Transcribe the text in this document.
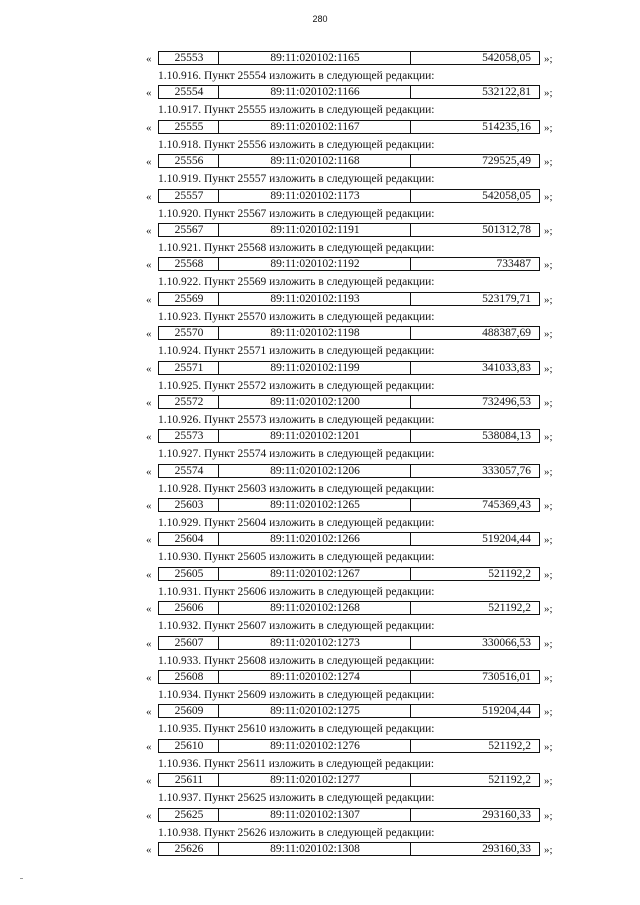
280
«	25553	89:11:020102:1165	542058,05	»;
1.10.916. Пункт 25554 изложить в следующей редакции:
«	25554	89:11:020102:1166	532122,81	»;
1.10.917. Пункт 25555 изложить в следующей редакции:
«	25555	89:11:020102:1167	514235,16	»;
1.10.918. Пункт 25556 изложить в следующей редакции:
«	25556	89:11:020102:1168	729525,49	»;
1.10.919. Пункт 25557 изложить в следующей редакции:
«	25557	89:11:020102:1173	542058,05	»;
1.10.920. Пункт 25567 изложить в следующей редакции:
«	25567	89:11:020102:1191	501312,78	»;
1.10.921. Пункт 25568 изложить в следующей редакции:
«	25568	89:11:020102:1192	733487	»;
1.10.922. Пункт 25569 изложить в следующей редакции:
«	25569	89:11:020102:1193	523179,71	»;
1.10.923. Пункт 25570 изложить в следующей редакции:
«	25570	89:11:020102:1198	488387,69	»;
1.10.924. Пункт 25571 изложить в следующей редакции:
«	25571	89:11:020102:1199	341033,83	»;
1.10.925. Пункт 25572 изложить в следующей редакции:
«	25572	89:11:020102:1200	732496,53	»;
1.10.926. Пункт 25573 изложить в следующей редакции:
«	25573	89:11:020102:1201	538084,13	»;
1.10.927. Пункт 25574 изложить в следующей редакции:
«	25574	89:11:020102:1206	333057,76	»;
1.10.928. Пункт 25603 изложить в следующей редакции:
«	25603	89:11:020102:1265	745369,43	»;
1.10.929. Пункт 25604 изложить в следующей редакции:
«	25604	89:11:020102:1266	519204,44	»;
1.10.930. Пункт 25605 изложить в следующей редакции:
«	25605	89:11:020102:1267	521192,2	»;
1.10.931. Пункт 25606 изложить в следующей редакции:
«	25606	89:11:020102:1268	521192,2	»;
1.10.932. Пункт 25607 изложить в следующей редакции:
«	25607	89:11:020102:1273	330066,53	»;
1.10.933. Пункт 25608 изложить в следующей редакции:
«	25608	89:11:020102:1274	730516,01	»;
1.10.934. Пункт 25609 изложить в следующей редакции:
«	25609	89:11:020102:1275	519204,44	»;
1.10.935. Пункт 25610 изложить в следующей редакции:
«	25610	89:11:020102:1276	521192,2	»;
1.10.936. Пункт 25611 изложить в следующей редакции:
«	25611	89:11:020102:1277	521192,2	»;
1.10.937. Пункт 25625 изложить в следующей редакции:
«	25625	89:11:020102:1307	293160,33	»;
1.10.938. Пункт 25626 изложить в следующей редакции:
«	25626	89:11:020102:1308	293160,33	»;
